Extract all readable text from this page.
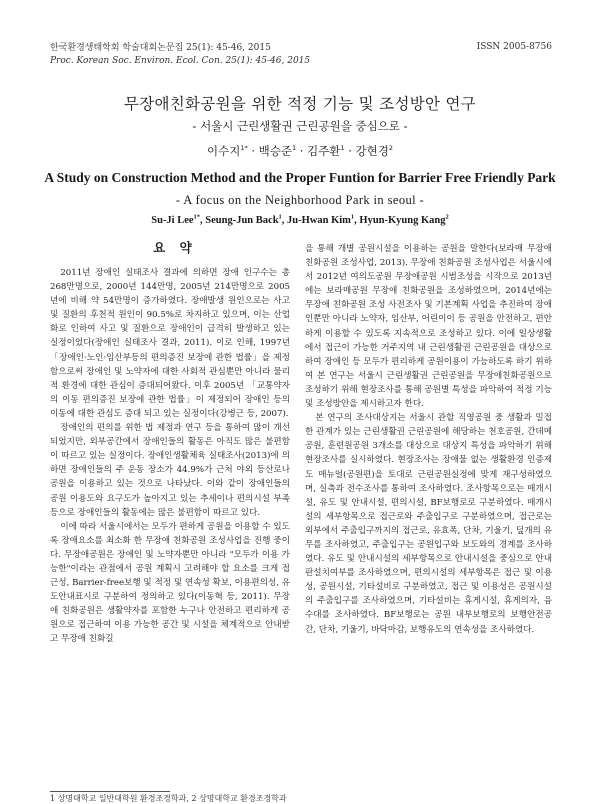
한국환경생태학회 학술대회논문집 25(1): 45-46, 2015
Proc. Korean Soc. Environ. Ecol. Con. 25(1): 45-46, 2015
ISSN 2005-8756
무장애친화공원을 위한 적정 기능 및 조성방안 연구
- 서울시 근린생활권 근린공원을 중심으로 -
이수지$^{1*}$ · 백승준$^1$ · 김주환$^1$ · 강현경$^2$
A Study on Construction Method and the Proper Funtion for Barrier Free Friendly Park
- A focus on the Neighborhood Park in seoul -
Su-Ji Lee$^{1*}$, Seung-Jun Back$^1$, Ju-Hwan Kim$^1$, Hyun-Kyung Kang$^2$
요 약

2011년 장애인 실태조사 결과에 의하면 장애 인구수는 총 268만명으로, 2000년 144만명, 2005년 214만명으로 2005년에 비해 약 54만명이 증가하였다. 장애발생 원인으로는 사고 및 질환의 후천적 원인이 90.5%로 차지하고 있으며, 이는 산업화로 인하여 사고 및 질환으로 장애인이 급격히 발생하고 있는 실정이었다(장애인 실태조사 결과, 2011). 이로 인해, 1997년 「장애인·노인·임산부등의 편의증진 보장에 관한 법률」을 제정함으로써 장애인 및 노약자에 대한 사회적 관심뿐만 아니라 물리적 환경에 대한 관심이 증대되어왔다. 이후 2005년 「교통약자의 이동 편의증진 보장에 관한 법률」이 제정되어 장애인 등의 이동에 대한 관심도 증대 되고 있는 실정이다(강병근 등, 2007).

장애인의 편의를 위한 법 제정과 연구 등을 통하여 많이 개선되었지만, 외부공간에서 장애인들의 활동은 아직도 많은 불편함이 따르고 있는 실정이다. 장애인생활체육 실태조사(2013)에 의하면 장애인들의 주 운동 장소가 44.9%가 근처 야외 등산로나 공원을 이용하고 있는 것으로 나타났다. 이와 같이 장애인들의 공원 이용도와 요구도가 높아지고 있는 추세이나 편의시설 부족 등으로 장애인들의 활동에는 많은 불편함이 따르고 있다.

이에 따라 서울시에서는 모두가 편하게 공원을 이용할 수 있도록 장애요소를 최소화 한 무장애 친화공원 조성사업을 진행 중이다. 무장애공원은 장애인 및 노약자뿐만 아니라 "모두가 이용 가능한"이라는 관점에서 공원 계획시 고려해야 할 요소를 크게 접근성, Barrier-free보행 및 적정 및 연속성 확보, 이용편의성, 유도안내표시로 구분하여 정의하고 있다(이동혁 등, 2011). 무장애 친화공원은 생활약자를 포함한 누구나 안전하고 편리하게 공원으로 접근하여 이용 가능한 공간 및 시설을 체계적으로 안내받고 무장애 친화길

을 통해 개별 공원시설을 이용하는 공원을 말한다(보라매 무장애 친화공원 조성사업, 2013). 무장애 친화공원 조성사업은 서울시에서 2012년 여의도공원 무장애공원 시범조성을 시작으로 2013년에는 보라매공원 무장애 친화공원을 조성하였으며, 2014년에는 무장애 친화공원 조성 사전조사 및 기본계획 사업을 추진하여 장애인뿐만 아니라 노약자, 임산부, 어린이이 등 공원을 안전하고, 편안하게 이용할 수 있도록 지속적으로 조성하고 있다. 이에 일상생활에서 접근이 가능한 거주지역 내 근린생활권 근린공원을 대상으로 하여 장애인 등 모두가 편리하게 공원이용이 가능하도록 하기 위하여 본 연구는 서울시 근린생활권 근린공원을 무장애친화공원으로 조성하기 위해 현장조사를 통해 공원별 특성을 파악하여 적정 기능 및 조성방안을 제시하고자 한다.

본 연구의 조사대상지는 서울시 관할 직영공원 중 생활과 밀접한 관계가 있는 근린생활권 근린공원에 해당하는 천호공원, 간데메공원, 훈련원공원 3개소를 대상으로 대상지 특성을 파악하기 위해 현장조사를 실시하였다. 현장조사는 장애물 없는 생활환경 인증제도 매뉴얼(공원편)을 토대로 근린공원실정에 맞게 재구성하였으며, 실측과 전수조사를 통하여 조사하였다. 조사항목으로는 매개시설, 유도 및 안내시설, 편의시설, BF보행로로 구분하였다. 매개시설의 세부항목으로 접근로와 주출입구로 구분하였으며, 접근로는 외부에서 주출입구까지의 접근로, 유효폭, 단차, 기울기, 덮개의 유무를 조사하였고, 주출입구는 공원입구와 보도와의 경계를 조사하였다. 유도 및 안내시설의 세부항목으로 안내시설을 중심으로 안내판설치여부를 조사하였으며, 편의시설의 세부항목은 접근 및 이용성, 공원시설, 기타설비로 구분하였고, 접근 및 이용성은 공원시설의 주출입구를 조사하였으며, 기타설비는 휴게시설, 휴게의자, 음수대를 조사하였다. BF보행로는 공원 내부보행로의 보행안전공간, 단차, 기울기, 바닥마감, 보행유도의 연속성을 조사하였다.

1 상명대학교 일반대학원 환경조경학과, 2 상명대학교 환경조경학과
